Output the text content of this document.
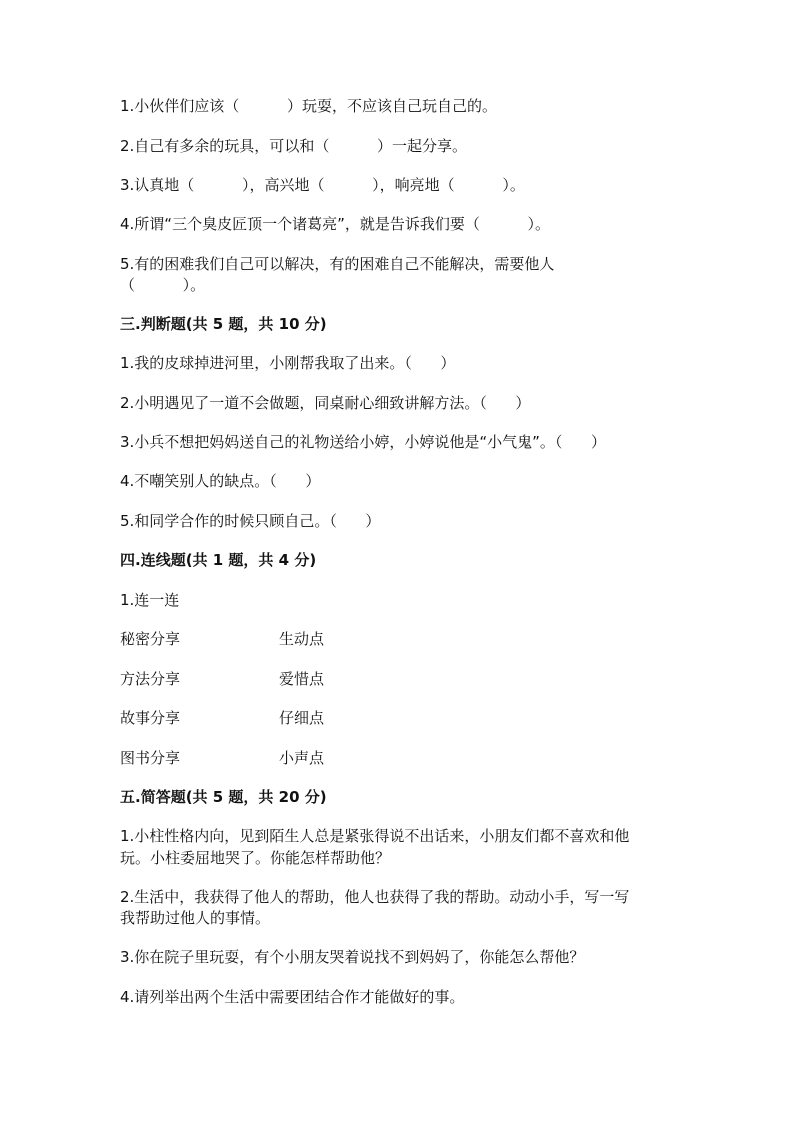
1.小伙伴们应该（          ）玩耍，不应该自己玩自己的。
2.自己有多余的玩具，可以和（          ）一起分享。
3.认真地（          ），高兴地（          ），响亮地（          ）。
4.所谓“三个臭皮匠顶一个诸葛亮”，就是告诉我们要（          ）。
5.有的困难我们自己可以解决，有的困难自己不能解决，需要他人
（          ）。
三.判断题(共 5 题，共 10 分)
1.我的皮球掉进河里，小刚帮我取了出来。（      ）
2.小明遇见了一道不会做题，同桌耐心细致讲解方法。（      ）
3.小兵不想把妈妈送自己的礼物送给小婷，小婷说他是“小气鬼”。（      ）
4.不嘲笑别人的缺点。（      ）
5.和同学合作的时候只顾自己。（      ）
四.连线题(共 1 题，共 4 分)
1.连一连
秘密分享	生动点
方法分享	爱惜点
故事分享	仔细点
图书分享	小声点
五.简答题(共 5 题，共 20 分)
1.小柱性格内向，见到陌生人总是紧张得说不出话来，小朋友们都不喜欢和他
玩。小柱委屈地哭了。你能怎样帮助他？
2.生活中，我获得了他人的帮助，他人也获得了我的帮助。动动小手，写一写
我帮助过他人的事情。
3.你在院子里玩耍，有个小朋友哭着说找不到妈妈了，你能怎么帮他？
4.请列举出两个生活中需要团结合作才能做好的事。
